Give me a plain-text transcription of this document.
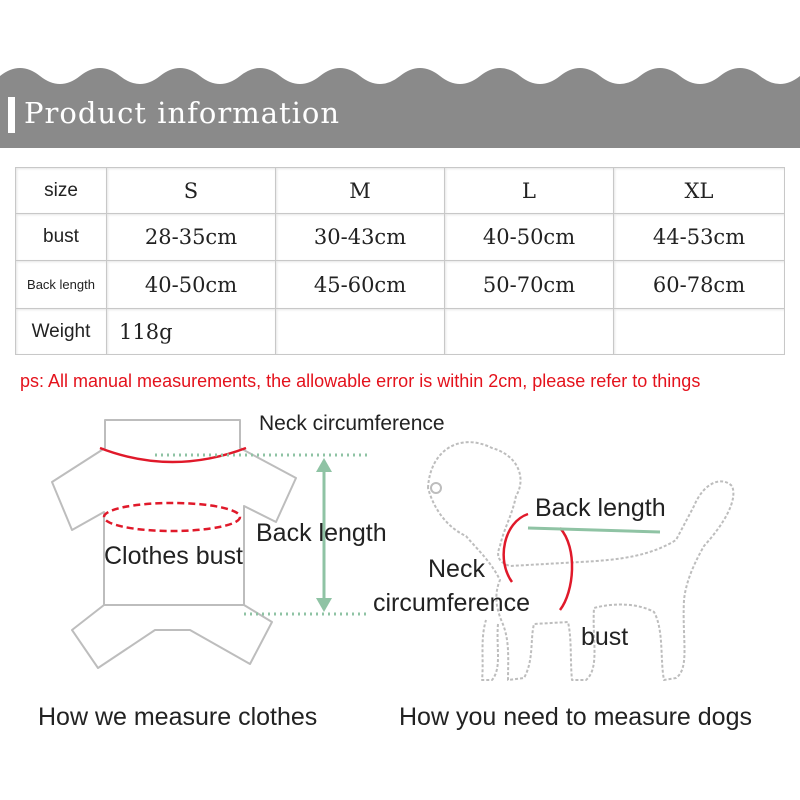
Product information
size	S	M	L	XL
bust	28-35cm	30-43cm	40-50cm	44-53cm
Back length	40-50cm	45-60cm	50-70cm	60-78cm
Weight	118g			
ps: All manual measurements, the allowable error is within 2cm, please refer to things
Neck circumference
Back length
Clothes bust
How we measure clothes
Back length
Neck
circumference
bust
How you need to measure dogs
